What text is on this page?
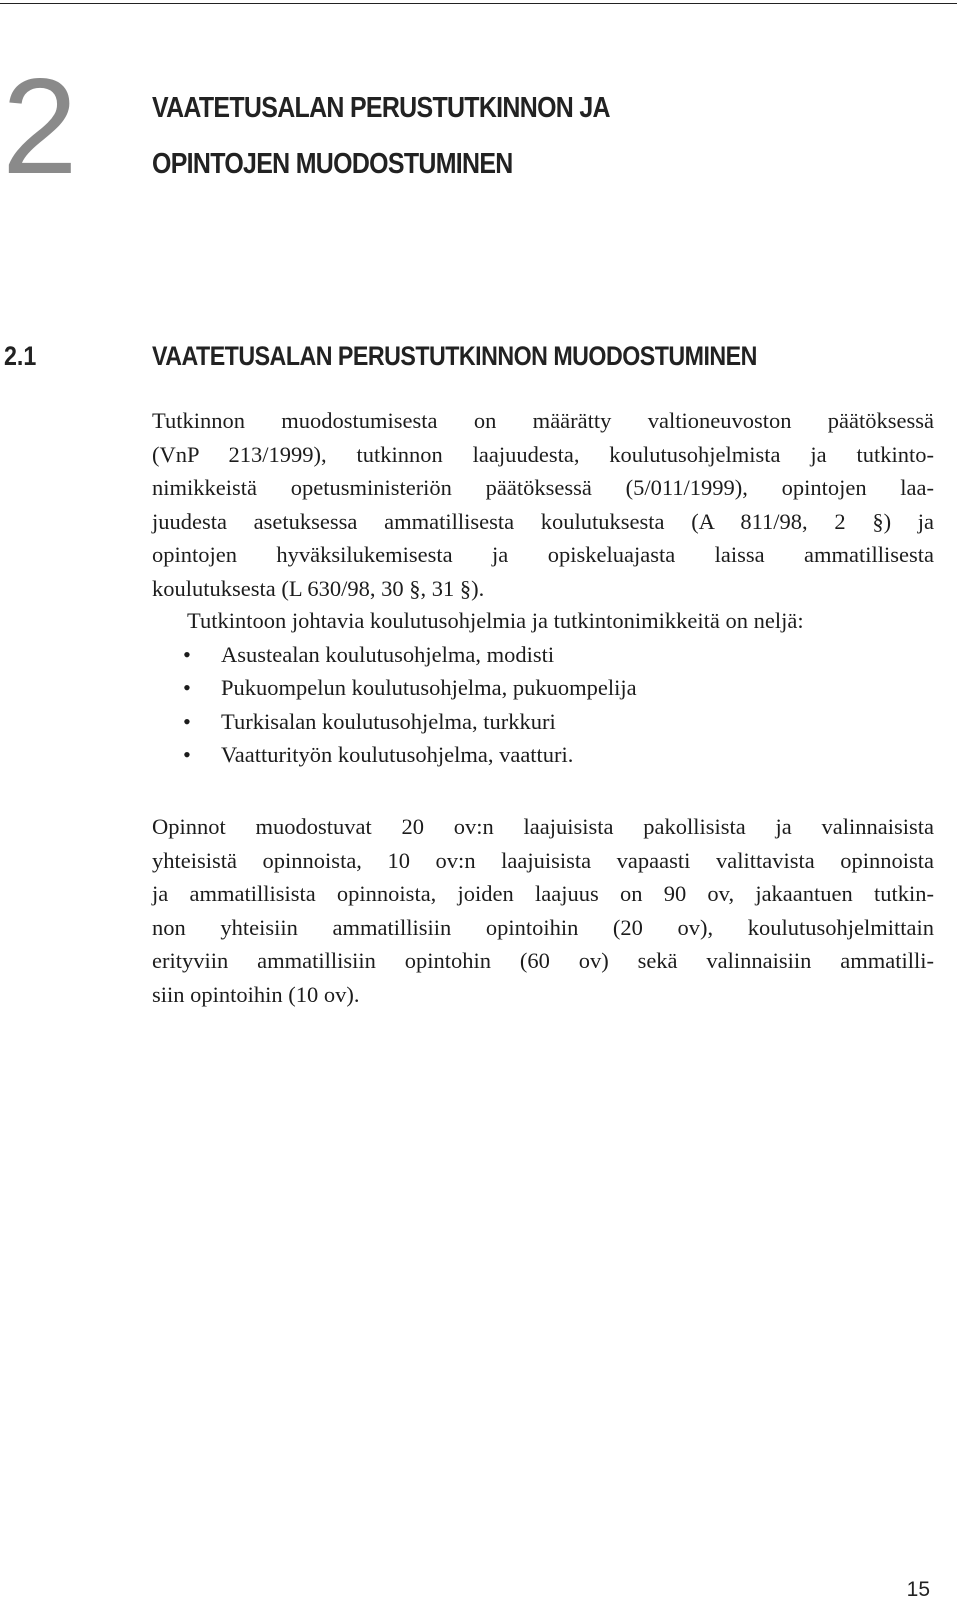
2	VAATETUSALAN PERUSTUTKINNON JA
OPINTOJEN MUODOSTUMINEN
2.1	VAATETUSALAN PERUSTUTKINNON MUODOSTUMINEN
Tutkinnon muodostumisesta on määrätty valtioneuvoston päätöksessä
(VnP 213/1999), tutkinnon laajuudesta, koulutusohjelmista ja tutkinto-
nimikkeistä opetusministeriön päätöksessä (5/011/1999), opintojen laa-
juudesta asetuksessa ammatillisesta koulutuksesta (A 811/98, 2 §) ja
opintojen hyväksilukemisesta ja opiskeluajasta laissa ammatillisesta
koulutuksesta (L 630/98, 30 §, 31 §).
Tutkintoon johtavia koulutusohjelmia ja tutkintonimikkeitä on neljä:
• Asustealan koulutusohjelma, modisti
• Pukuompelun koulutusohjelma, pukuompelija
• Turkisalan koulutusohjelma, turkkuri
• Vaatturityön koulutusohjelma, vaatturi.
Opinnot muodostuvat 20 ov:n laajuisista pakollisista ja valinnaisista
yhteisistä opinnoista, 10 ov:n laajuisista vapaasti valittavista opinnoista
ja ammatillisista opinnoista, joiden laajuus on 90 ov, jakaantuen tutkin-
non yhteisiin ammatillisiin opintoihin (20 ov), koulutusohjelmittain
erityviin ammatillisiin opintohin (60 ov) sekä valinnaisiin ammatilli-
siin opintoihin (10 ov).
15
